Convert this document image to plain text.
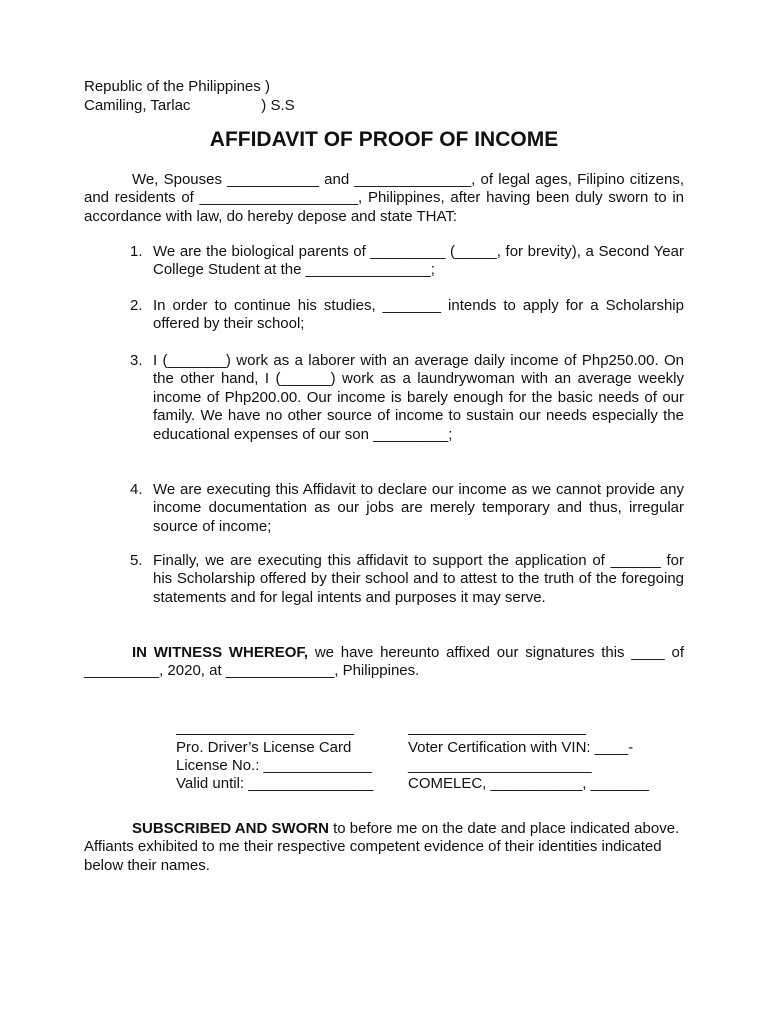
Republic of the Philippines )
Camiling, Tarlac                 ) S.S
AFFIDAVIT OF PROOF OF INCOME
We, Spouses ___________ and ______________, of legal ages, Filipino citizens, and residents of ___________________, Philippines, after having been duly sworn to in accordance with law, do hereby depose and state THAT:
1. We are the biological parents of _________ (_____, for brevity), a Second Year College Student at the _______________;
2. In order to continue his studies, _______ intends to apply for a Scholarship offered by their school;
3. I (_______) work as a laborer with an average daily income of Php250.00. On the other hand, I (______) work as a laundrywoman with an average weekly income of Php200.00. Our income is barely enough for the basic needs of our family. We have no other source of income to sustain our needs especially the educational expenses of our son _________;
4. We are executing this Affidavit to declare our income as we cannot provide any income documentation as our jobs are merely temporary and thus, irregular source of income;
5. Finally, we are executing this affidavit to support the application of ______ for his Scholarship offered by their school and to attest to the truth of the foregoing statements and for legal intents and purposes it may serve.
IN WITNESS WHEREOF, we have hereunto affixed our signatures this ____ of _________, 2020, at _____________, Philippines.
Pro. Driver’s License Card
License No.: _____________
Valid until: _______________
Voter Certification with VIN: ____-
______________________
COMELEC, ___________, _______
SUBSCRIBED AND SWORN to before me on the date and place indicated above. Affiants exhibited to me their respective competent evidence of their identities indicated below their names.
